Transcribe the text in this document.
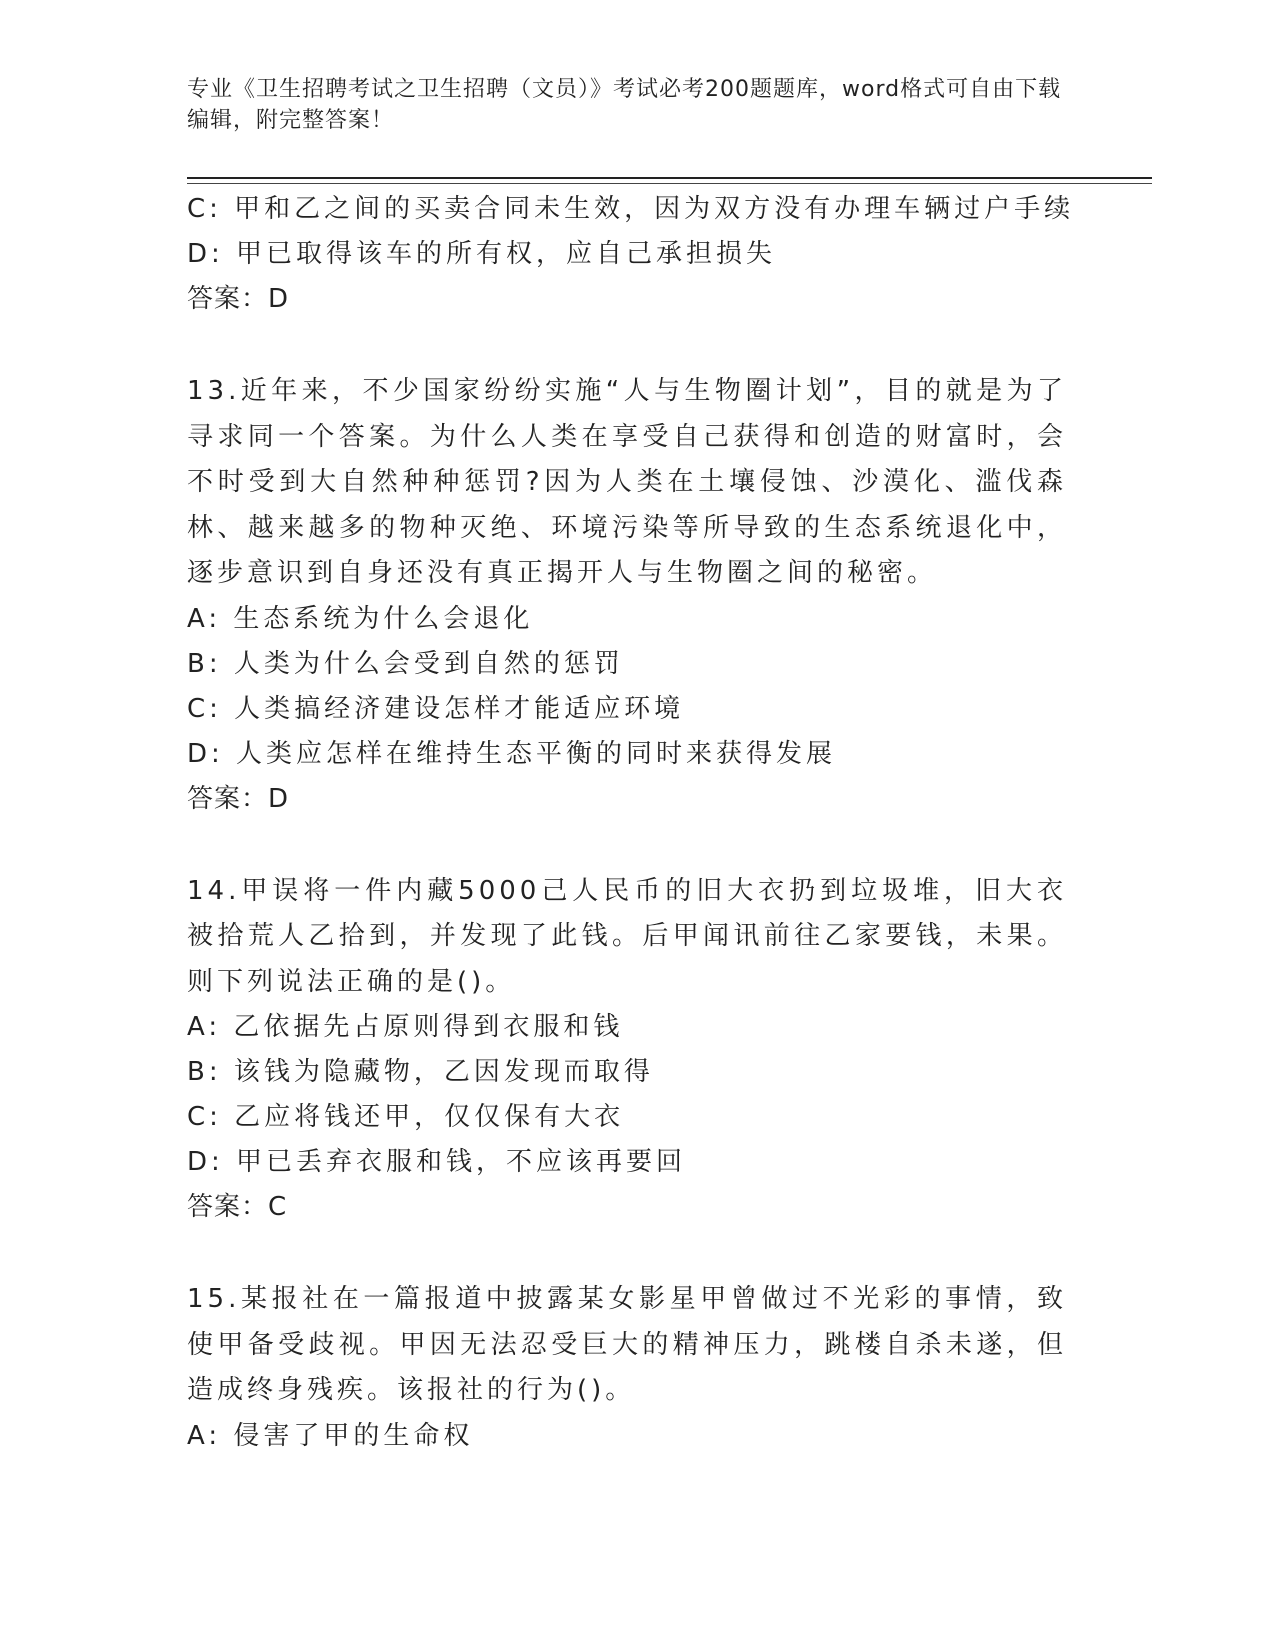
专业《卫生招聘考试之卫生招聘（文员）》考试必考200题题库，word格式可自由下载编辑，附完整答案！
C: 甲和乙之间的买卖合同未生效，因为双方没有办理车辆过户手续
D: 甲已取得该车的所有权，应自己承担损失
答案：D
13.近年来，不少国家纷纷实施“人与生物圈计划”，目的就是为了寻求同一个答案。为什么人类在享受自己获得和创造的财富时，会不时受到大自然种种惩罚?因为人类在土壤侵蚀、沙漠化、滥伐森林、越来越多的物种灭绝、环境污染等所导致的生态系统退化中，逐步意识到自身还没有真正揭开人与生物圈之间的秘密。
A: 生态系统为什么会退化
B: 人类为什么会受到自然的惩罚
C: 人类搞经济建设怎样才能适应环境
D: 人类应怎样在维持生态平衡的同时来获得发展
答案：D
14.甲误将一件内藏5000己人民币的旧大衣扔到垃圾堆，旧大衣被拾荒人乙拾到，并发现了此钱。后甲闻讯前往乙家要钱，未果。则下列说法正确的是()。
A: 乙依据先占原则得到衣服和钱
B: 该钱为隐藏物，乙因发现而取得
C: 乙应将钱还甲，仅仅保有大衣
D: 甲已丢弃衣服和钱，不应该再要回
答案：C
15.某报社在一篇报道中披露某女影星甲曾做过不光彩的事情，致使甲备受歧视。甲因无法忍受巨大的精神压力，跳楼自杀未遂，但造成终身残疾。该报社的行为()。
A: 侵害了甲的生命权
